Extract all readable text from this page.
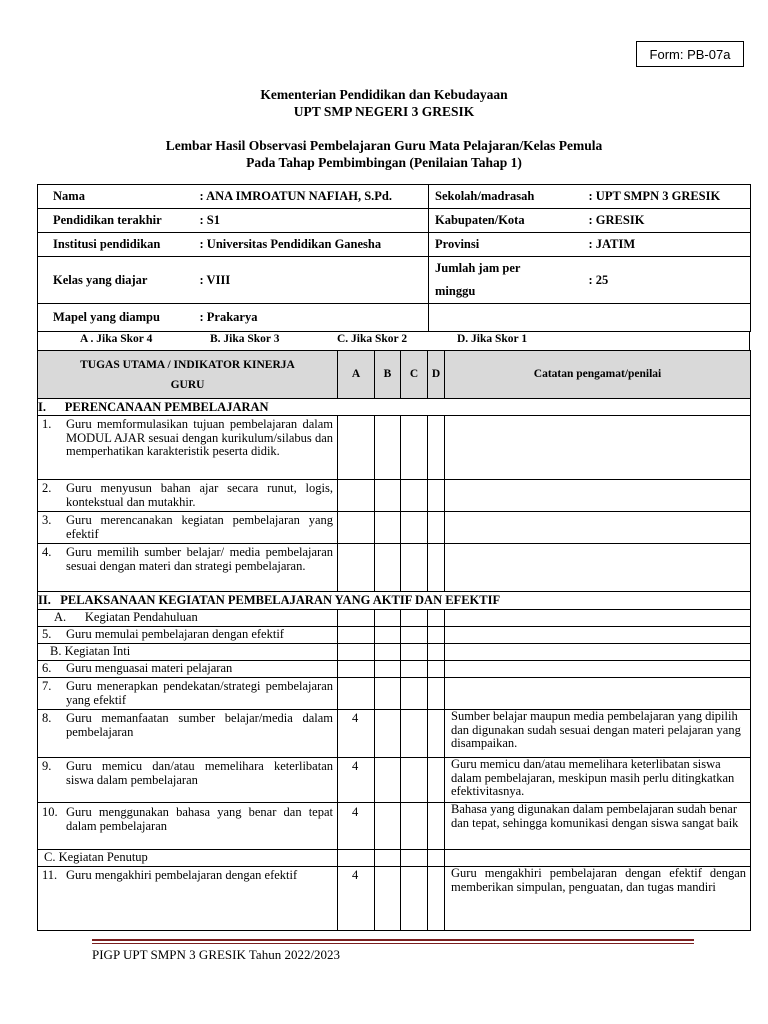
Form: PB-07a
Kementerian Pendidikan dan Kebudayaan
UPT SMP NEGERI 3 GRESIK
Lembar Hasil Observasi Pembelajaran Guru Mata Pelajaran/Kelas Pemula
Pada Tahap Pembimbingan (Penilaian Tahap 1)
Nama	: ANA IMROATUN NAFIAH, S.Pd.	Sekolah/madrasah	: UPT SMPN 3 GRESIK
Pendidikan terakhir	: S1	Kabupaten/Kota	: GRESIK
Institusi pendidikan	: Universitas Pendidikan Ganesha	Provinsi	: JATIM
Kelas yang diajar	: VIII	Jumlah jam per
minggu	: 25
Mapel yang diampu	: Prakarya		
A . Jika Skor 4	B. Jika Skor 3	C. Jika Skor 2	D. Jika Skor 1
TUGAS UTAMA / INDIKATOR KINERJA
GURU	A	B	C	D	Catatan pengamat/penilai
I. PERENCANAAN PEMBELAJARAN					

1. Guru memformulasikan tujuan pembelajaran dalam MODUL AJAR sesuai dengan kurikulum/silabus dan memperhatikan karakteristik peserta didik.					

2. Guru menyusun bahan ajar secara runut, logis, kontekstual dan mutakhir.					

3. Guru merencanakan kegiatan pembelajaran yang efektif					

4. Guru memilih sumber belajar/ media pembelajaran sesuai dengan materi dan strategi pembelajaran.					

II. PELAKSANAAN KEGIATAN PEMBELAJARAN YANG AKTIF DAN EFEKTIF					
A.      Kegiatan Pendahuluan					

5. Guru memulai pembelajaran dengan efektif					

B. Kegiatan Inti					

6. Guru menguasai materi pelajaran					

7. Guru menerapkan pendekatan/strategi pembelajaran yang efektif					

8. Guru memanfaatan sumber belajar/media dalam pembelajaran	4				Sumber belajar maupun media pembelajaran yang dipilih dan digunakan sudah sesuai dengan materi pelajaran yang disampaikan.

9. Guru memicu dan/atau memelihara keterlibatan siswa dalam pembelajaran	4				Guru memicu dan/atau memelihara keterlibatan siswa dalam pembelajaran, meskipun masih perlu ditingkatkan efektivitasnya.

10. Guru menggunakan bahasa yang benar dan tepat dalam pembelajaran	4				Bahasa yang digunakan dalam pembelajaran sudah benar dan tepat, sehingga komunikasi dengan siswa sangat baik
C. Kegiatan Penutup					

11. Guru mengakhiri pembelajaran dengan efektif	4				Guru mengakhiri pembelajaran dengan efektif dengan memberikan simpulan, penguatan, dan tugas mandiri
PIGP UPT SMPN 3 GRESIK Tahun 2022/2023
